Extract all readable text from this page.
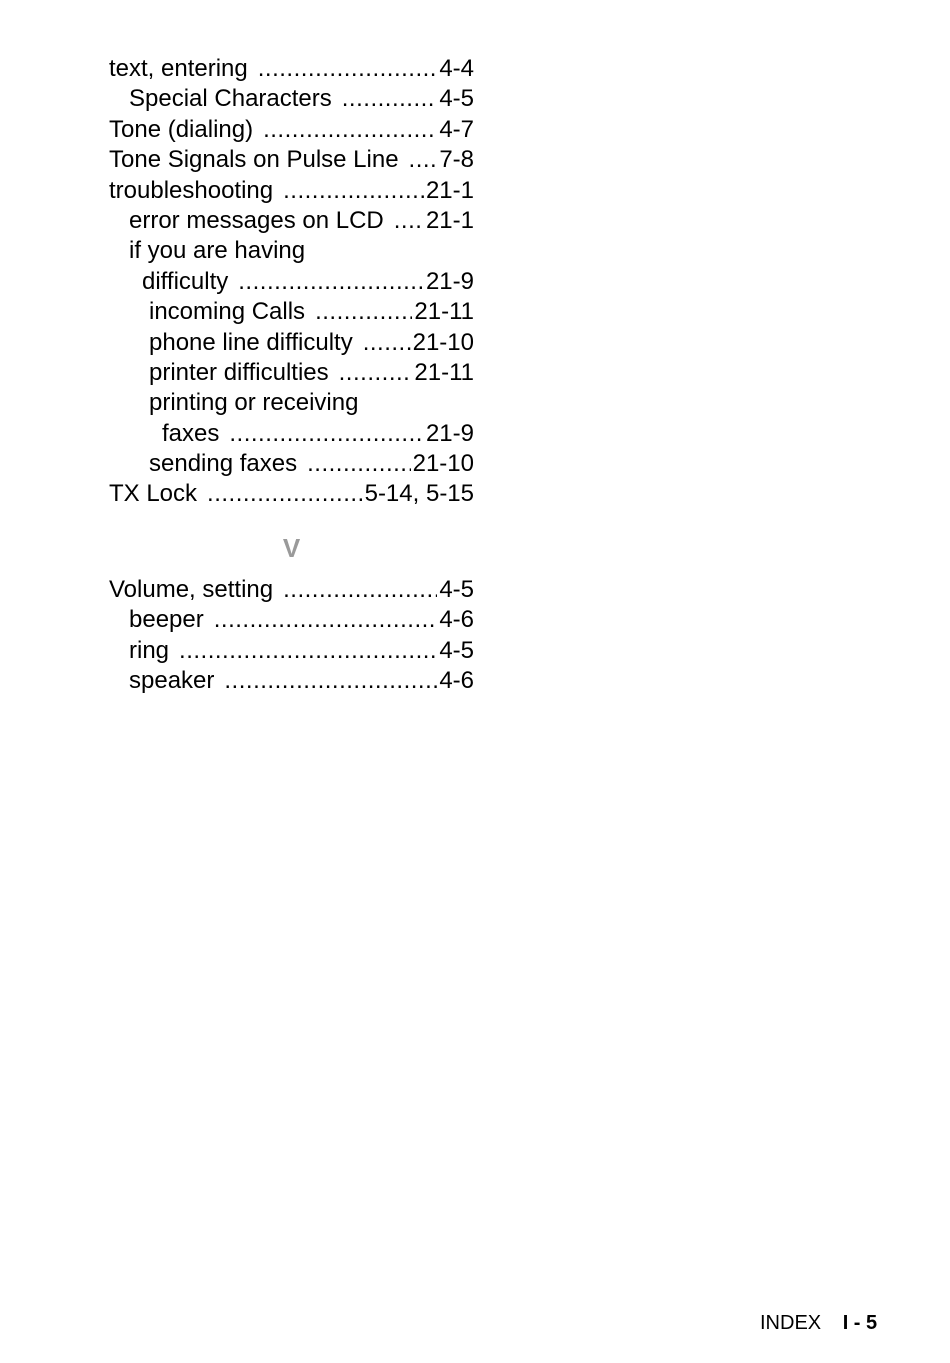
text, entering .....	4-4
Special Characters .....	4-5
Tone (dialing) .....	4-7
Tone Signals on Pulse Line ..... 7-8
troubleshooting .....	21-1
error messages on LCD ..... 21-1
if you are having
difficulty .....	21-9
incoming Calls .....	21-11
phone line difficulty ..... 21-10
printer difficulties .....	21-11
printing or receiving
faxes .....	21-9
sending faxes .....	21-10
TX Lock .....	5-14, 5-15
V
Volume, setting .....	4-5
beeper .....	4-6
ring .....	4-5
speaker .....	4-6
INDEX I - 5
